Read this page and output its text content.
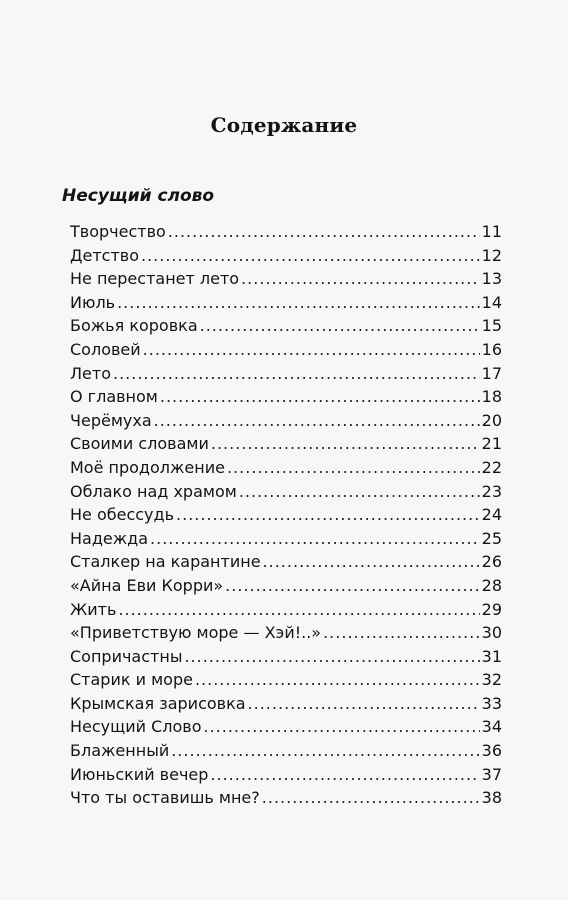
Содержание
Несущий слово
Творчество .....	11
Детство .....	12
Не перестанет лето .....	13
Июль .....	14
Божья коровка .....	15
Соловей .....	16
Лето .....	17
О главном .....	18
Черёмуха .....	20
Своими словами .....	21
Моё продолжение .....	22
Облако над храмом .....	23
Не обессудь .....	24
Надежда .....	25
Сталкер на карантине .....	26
«Айна Еви Корри» .....	28
Жить .....	29
«Приветствую море — Хэй!..» .....	30
Сопричастны .....	31
Старик и море .....	32
Крымская зарисовка .....	33
Несущий Слово .....	34
Блаженный .....	36
Июньский вечер .....	37
Что ты оставишь мне? .....	38
